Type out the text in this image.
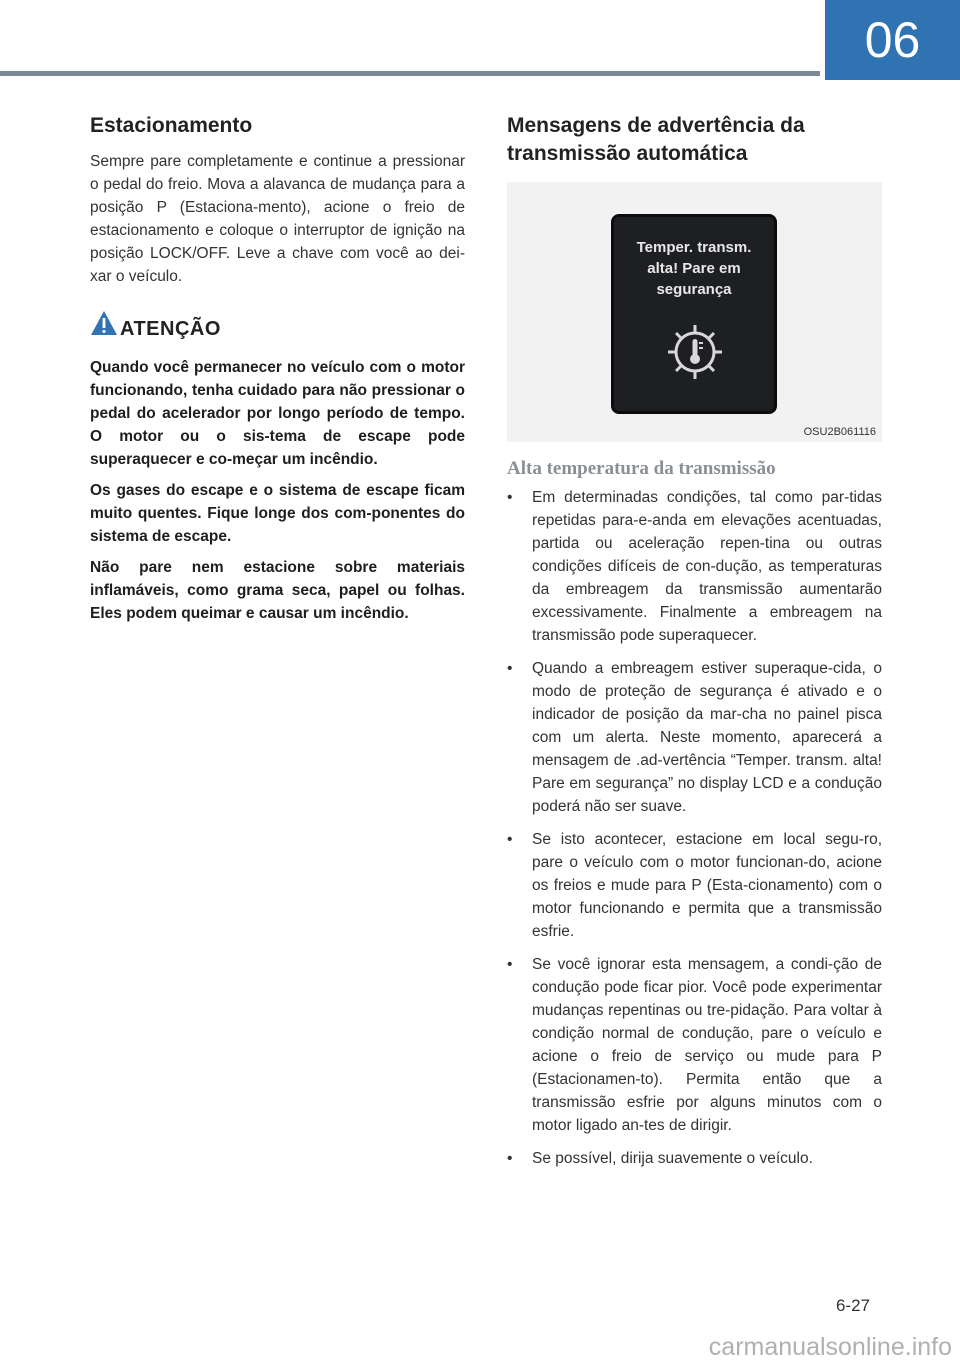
06
Estacionamento

Sempre pare completamente e continue a pressionar o pedal do freio. Mova a alavanca de mudança para a posição P (Estaciona-mento), acione o freio de estacionamento e coloque o interruptor de ignição na posição LOCK/OFF. Leve a chave com você ao dei-xar o veículo.

ATENÇÃO

Quando você permanecer no veículo com o motor funcionando, tenha cuidado para não pressionar o pedal do acelerador por longo período de tempo. O motor ou o sis-tema de escape pode superaquecer e co-meçar um incêndio.

Os gases do escape e o sistema de escape ficam muito quentes. Fique longe dos com-ponentes do sistema de escape.

Não pare nem estacione sobre materiais inflamáveis, como grama seca, papel ou folhas. Eles podem queimar e causar um incêndio.

Mensagens de advertência da transmissão automática
Temper. transm.
alta! Pare em
segurança
OSU2B061116
Alta temperatura da transmissão
•	Em determinadas condições, tal como par-tidas repetidas para-e-anda em elevações acentuadas, partida ou aceleração repen-tina ou outras condições difíceis de con-dução, as temperaturas da embreagem da transmissão aumentarão excessivamente. Finalmente a embreagem na transmissão pode superaquecer.
•	Quando a embreagem estiver superaque-cida, o modo de proteção de segurança é ativado e o indicador de posição da mar-cha no painel pisca com um alerta. Neste momento, aparecerá a mensagem de .ad-vertência “Temper. transm. alta! Pare em segurança” no display LCD e a condução poderá não ser suave.
•	Se isto acontecer, estacione em local segu-ro, pare o veículo com o motor funcionan-do, acione os freios e mude para P (Esta-cionamento) com o motor funcionando e permita que a transmissão esfrie.
•	Se você ignorar esta mensagem, a condi-ção de condução pode ficar pior. Você pode experimentar mudanças repentinas ou tre-pidação. Para voltar à condição normal de condução, pare o veículo e acione o freio de serviço ou mude para P (Estacionamen-to). Permita então que a transmissão esfrie por alguns minutos com o motor ligado an-tes de dirigir.
•	Se possível, dirija suavemente o veículo.
6-27
carmanualsonline.info
